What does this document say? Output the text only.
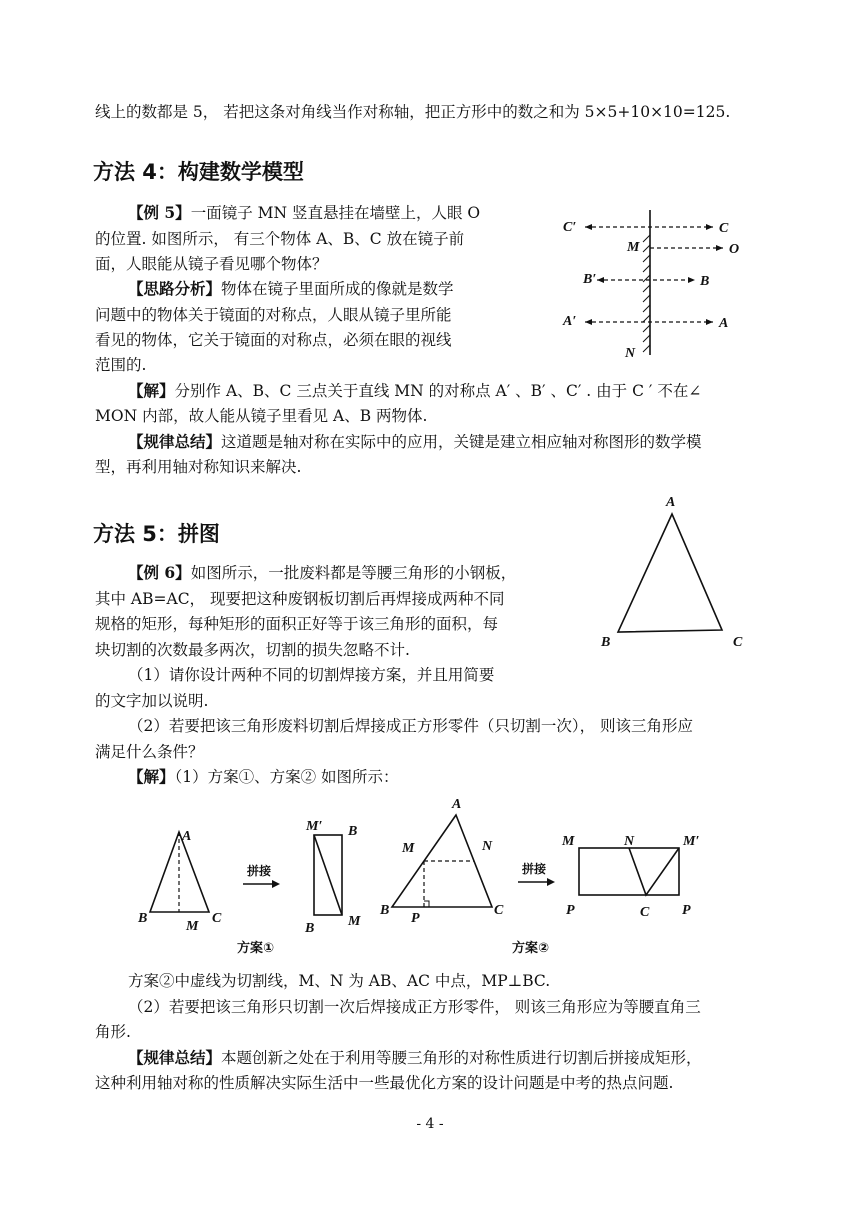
线上的数都是 5， 若把这条对角线当作对称轴，把正方形中的数之和为 5×5+10×10=125.
方法 4：构建数学模型
【例 5】一面镜子 MN 竖直悬挂在墙壁上，人眼 O
的位置. 如图所示， 有三个物体 A、B、C 放在镜子前
面，人眼能从镜子看见哪个物体？
【思路分析】物体在镜子里面所成的像就是数学
问题中的物体关于镜面的对称点，人眼从镜子里所能
看见的物体，它关于镜面的对称点，必须在眼的视线
范围的.
【解】分别作 A、B、C 三点关于直线 MN 的对称点 A′ 、B′ 、C′ . 由于 C ′ 不在∠
MON 内部，故人能从镜子里看见 A、B 两物体.
【规律总结】这道题是轴对称在实际中的应用，关键是建立相应轴对称图形的数学模
型，再利用轴对称知识来解决.
C′	C
M	O
B′	B
A′	A
N
方法 5：拼图
【例 6】如图所示，一批废料都是等腰三角形的小钢板，
其中 AB=AC， 现要把这种废钢板切割后再焊接成两种不同
规格的矩形，每种矩形的面积正好等于该三角形的面积，每
块切割的次数最多两次，切割的损失忽略不计.
（1）请你设计两种不同的切割焊接方案，并且用简要
的文字加以说明.
（2）若要把该三角形废料切割后焊接成正方形零件（只切割一次）， 则该三角形应
满足什么条件？
【解】（1）方案①、方案② 如图所示：
A
B	C
A
B	C
M
拼接
M′ B
B M
A
M	N
B
P
C
拼接
M	N	M′
P	C P
方案①	方案②
方案②中虚线为切割线，M、N 为 AB、AC 中点，MP⊥BC.
（2）若要把该三角形只切割一次后焊接成正方形零件， 则该三角形应为等腰直角三
角形.
【规律总结】本题创新之处在于利用等腰三角形的对称性质进行切割后拼接成矩形，
这种利用轴对称的性质解决实际生活中一些最优化方案的设计问题是中考的热点问题.
- 4 -
